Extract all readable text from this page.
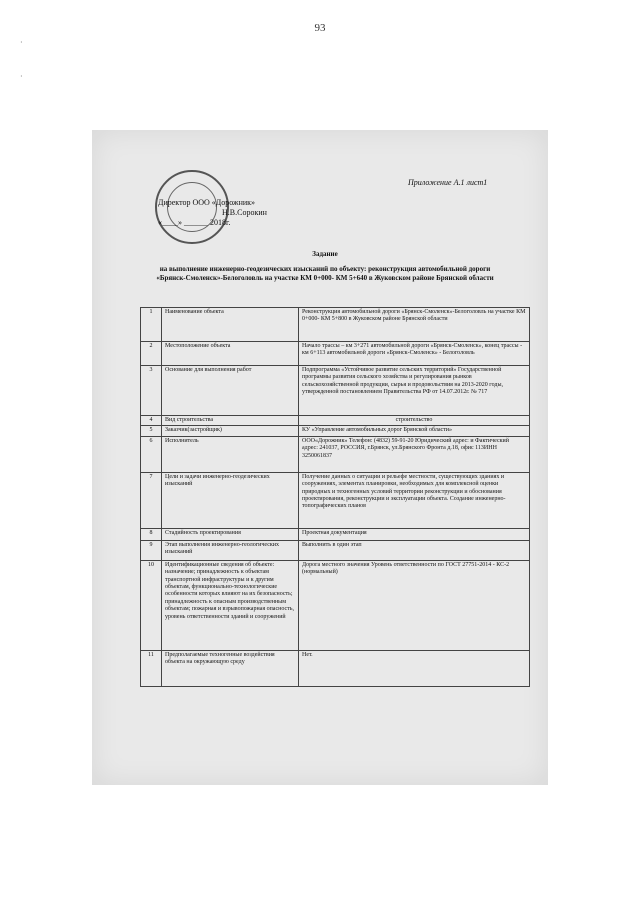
93
·
·
Приложение А.1 лист1
Директор ООО «Дорожник»
Н.В.Сорокин
«____» ______ 2018г.
Задание
на выполнение инженерно-геодезических изысканий по объекту: реконструкция автомобильной дороги «Брянск-Смоленск»-Белоголовль на участке КМ 0+000- КМ 5+640 в Жуковском районе Брянской области
1	Наименование объекта	Реконструкция автомобильной дороги «Брянск-Смоленск»-Белоголовль на участке КМ 0+000- КМ 5+800 в Жуковском районе Брянской области
2	Местоположение объекта	Начало трассы – км 3+271 автомобильной дороги «Брянск-Смоленск», конец трассы - км 6+113 автомобильной дороги «Брянск-Смоленск» - Белоголовль
3	Основание для выполнения работ	Подпрограмма «Устойчивое развитие сельских территорий» Государственной программы развития сельского хозяйства и регулирования рынков сельскохозяйственной продукции, сырья и продовольствия на 2013-2020 годы, утвержденной постановлением Правительства РФ от 14.07.2012г. № 717
4	Вид строительства	строительство
5	Заказчик(застройщик)	КУ «Управление автомобильных дорог Брянской области»
6	Исполнитель	ООО«Дорожник» Телефон: (4832) 59-91-20 Юридический адрес: и Фактический адрес: 241037, РОССИЯ, г.Брянск, ул.Брянского Фронта д.18, офис 113ИНН 3250061837
7	Цели и задачи инженерно-геодезических изысканий	Получение данных о ситуации и рельефе местности, существующих зданиях и сооружениях, элементах планировки, необходимых для комплексной оценки природных и техногенных условий территории реконструкции и обоснования проектирования, реконструкции и эксплуатации объекта. Создание инженерно-топографических планов
8	Стадийность проектирования	Проектная документация
9	Этап выполнения инженерно-геологических изысканий	Выполнить в один этап
10	Идентификационные сведения об объекте: назначение; принадлежность к объектам транспортной инфраструктуры и к другим объектам, функционально-технологические особенности которых влияют на их безопасность; принадлежность к опасным производственным объектам; пожарная и взрывопожарная опасность, уровень ответственности зданий и сооружений	Дорога местного значения Уровень ответственности по ГОСТ 27751-2014 - КС-2 (нормальный)
11	Предполагаемые техногенные воздействия объекта на окружающую среду	Нет.
